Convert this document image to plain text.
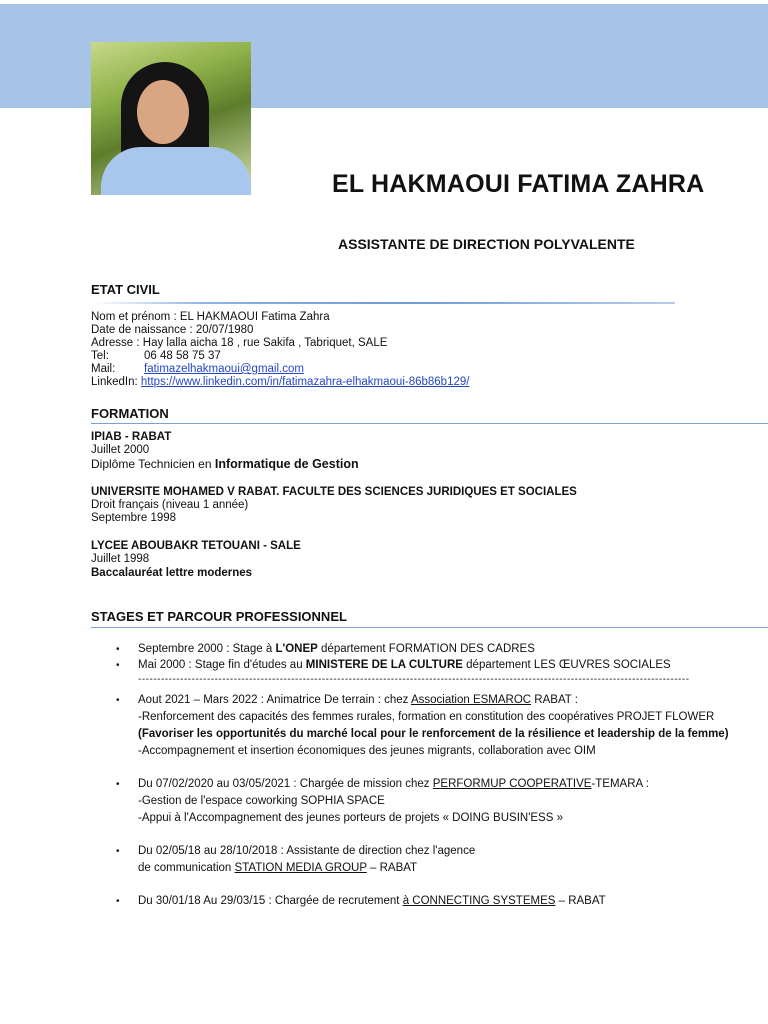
EL HAKMAOUI FATIMA ZAHRA
ASSISTANTE DE DIRECTION POLYVALENTE
ETAT CIVIL
Nom et prénom : EL HAKMAOUI Fatima Zahra
Date de naissance : 20/07/1980
Adresse : Hay lalla aicha 18 , rue Sakifa , Tabriquet, SALE
Tel:	06 48 58 75 37
Mail: fatimazelhakmaoui@gmail.com
LinkedIn: https://www.linkedin.com/in/fatimazahra-elhakmaoui-86b86b129/
FORMATION
IPIAB - RABAT
Juillet 2000
Diplôme Technicien en Informatique de Gestion
UNIVERSITE MOHAMED V RABAT. FACULTE DES SCIENCES JURIDIQUES ET SOCIALES
Droit français (niveau 1 année)
Septembre 1998
LYCEE ABOUBAKR TETOUANI - SALE
Juillet 1998
Baccalauréat lettre modernes
STAGES ET PARCOUR PROFESSIONNEL
• Septembre 2000 : Stage à L'ONEP département FORMATION DES CADRES
• Mai 2000 : Stage fin d'études au MINISTERE DE LA CULTURE département LES ŒUVRES SOCIALES
------------------------------------------------------------------------------------------------------------------------------------------------
• Aout 2021 – Mars 2022 : Animatrice De terrain : chez Association ESMAROC RABAT :
-Renforcement des capacités des femmes rurales, formation en constitution des coopératives PROJET FLOWER
(Favoriser les opportunités du marché local pour le renforcement de la résilience et leadership de la femme)
-Accompagnement et insertion économiques des jeunes migrants, collaboration avec OIM
• Du 07/02/2020 au 03/05/2021 : Chargée de mission chez PERFORMUP COOPERATIVE-TEMARA :
-Gestion de l'espace coworking SOPHIA SPACE
-Appui à l'Accompagnement des jeunes porteurs de projets « DOING BUSIN'ESS »
• Du 02/05/18 au 28/10/2018 : Assistante de direction chez l'agence
de communication STATION MEDIA GROUP – RABAT
• Du 30/01/18 Au 29/03/15 : Chargée de recrutement à CONNECTING SYSTEMES – RABAT
